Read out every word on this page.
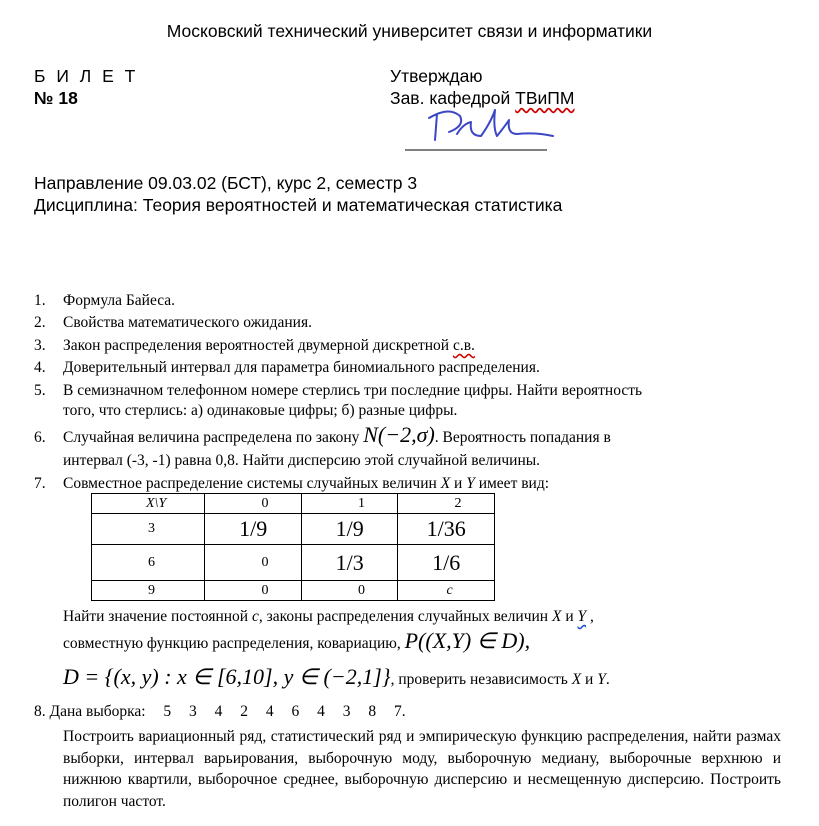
Московский технический университет связи и информатики
Б И Л Е Т
№ 18
Утверждаю
Зав. кафедрой ТВиПМ
Направление 09.03.02 (БСТ), курс 2, семестр 3
Дисциплина: Теория вероятностей и математическая статистика
1. Формула Байеса.
2. Свойства математического ожидания.
3. Закон распределения вероятностей двумерной дискретной с.в.
4. Доверительный интервал для параметра биномиального распределения.
5. В семизначном телефонном номере стерлись три последние цифры. Найти вероятность
того, что стерлись: а) одинаковые цифры; б) разные цифры.
6. Случайная величина распределена по закону N(−2,σ). Вероятность попадания в
интервал (-3, -1) равна 0,8. Найти дисперсию этой случайной величины.
7. Совместное распределение системы случайных величин X и Y имеет вид:
X\Y	0	1	2
3	1/9	1/9	1/36
6	0	1/3	1/6
9	0	0	c
Найти значение постоянной c, законы распределения случайных величин X и Y ,
совместную функцию распределения, ковариацию, P((X,Y) ∈ D),
D = {(x, y) : x ∈ [6,10], y ∈ (−2,1]}, проверить независимость X и Y.
8. Дана выборка: 5 3 4 2 4 6 4 3 8 7.
Построить вариационный ряд, статистический ряд и эмпирическую функцию распределения, найти размах выборки, интервал варьирования, выборочную моду, выборочную медиану, выборочные верхнюю и нижнюю квартили, выборочное среднее, выборочную дисперсию и несмещенную дисперсию. Построить полигон частот.
